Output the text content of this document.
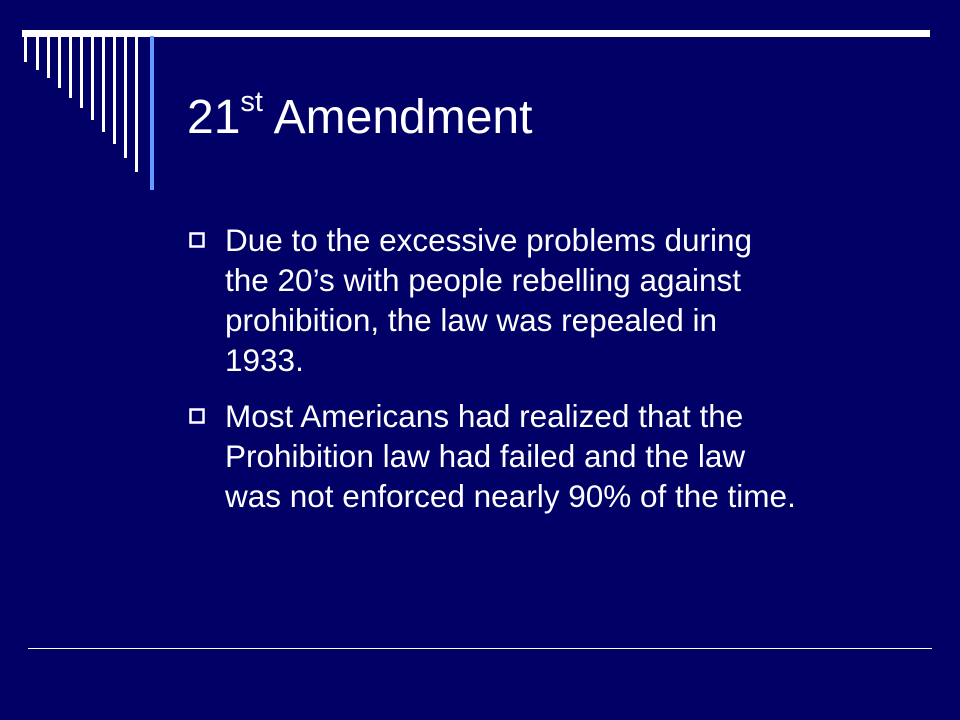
21st Amendment
Due to the excessive problems during
the 20’s with people rebelling against
prohibition, the law was repealed in
1933.
Most Americans had realized that the
Prohibition law had failed and the law
was not enforced nearly 90% of the time.
